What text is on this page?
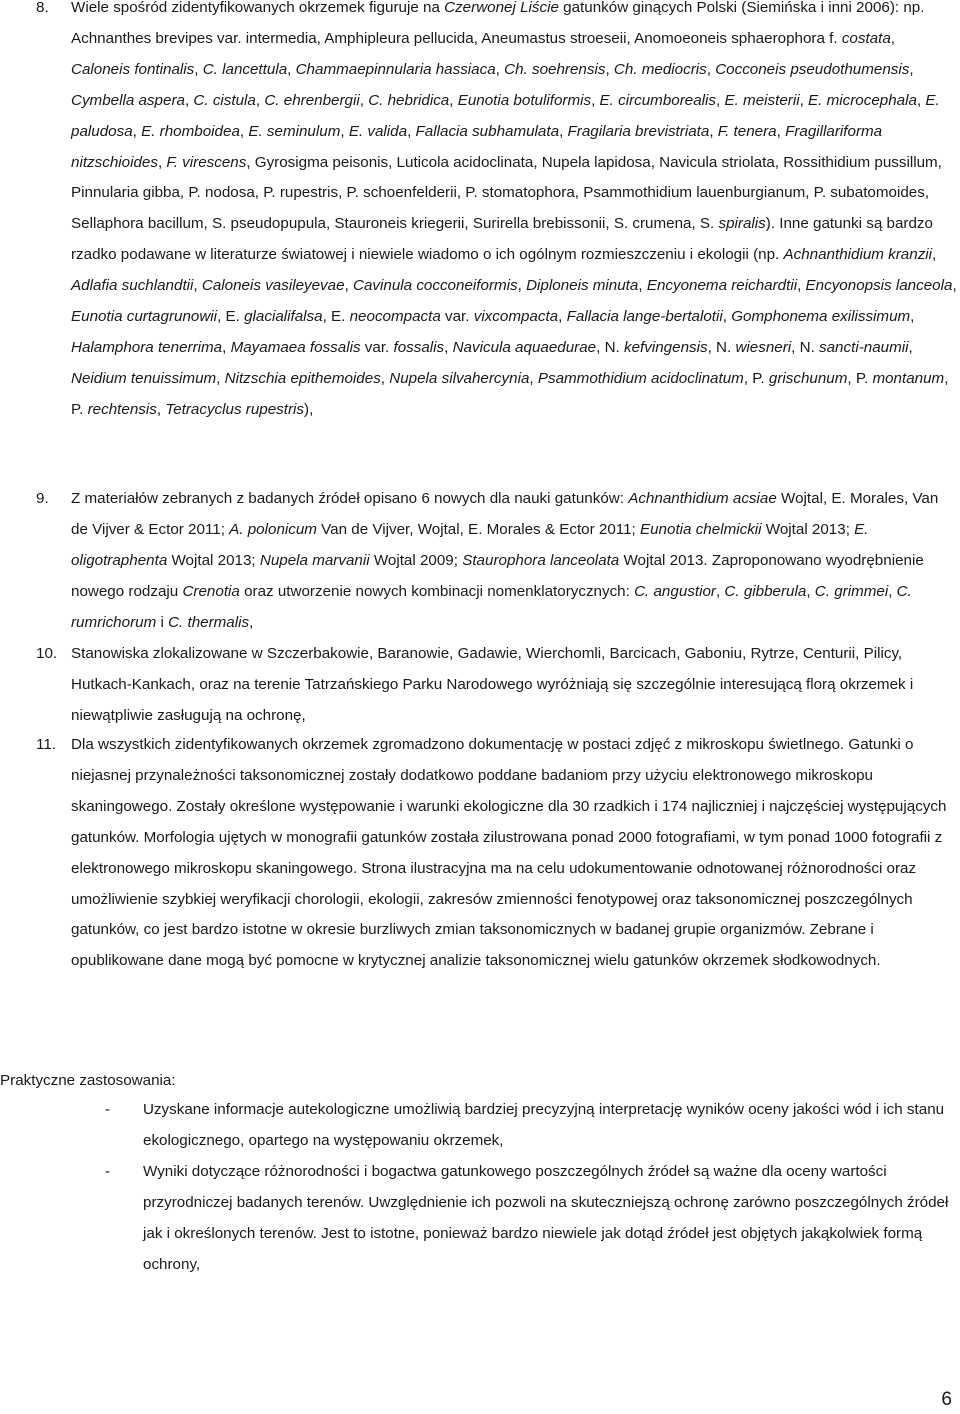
8. Wiele spośród zidentyfikowanych okrzemek figuruje na Czerwonej Liście gatunków ginących Polski (Siemińska i inni 2006): np. Achnanthes brevipes var. intermedia, Amphipleura pellucida, Aneumastus stroeseii, Anomoeoneis sphaerophora f. costata, Caloneis fontinalis, C. lancettula, Chammaepinnularia hassiaca, Ch. soehrensis, Ch. mediocris, Cocconeis pseudothumensis, Cymbella aspera, C. cistula, C. ehrenbergii, C. hebridica, Eunotia botuliformis, E. circumborealis, E. meisterii, E. microcephala, E. paludosa, E. rhomboidea, E. seminulum, E. valida, Fallacia subhamulata, Fragilaria brevistriata, F. tenera, Fragillariforma nitzschioides, F. virescens, Gyrosigma peisonis, Luticola acidoclinata, Nupela lapidosa, Navicula striolata, Rossithidium pussillum, Pinnularia gibba, P. nodosa, P. rupestris, P. schoenfelderii, P. stomatophora, Psammothidium lauenburgianum, P. subatomoides, Sellaphora bacillum, S. pseudopupula, Stauroneis kriegerii, Surirella brebissonii, S. crumena, S. spiralis). Inne gatunki są bardzo rzadko podawane w literaturze światowej i niewiele wiadomo o ich ogólnym rozmieszczeniu i ekologii (np. Achnanthidium kranzii, Adlafia suchlandtii, Caloneis vasileyevae, Cavinula cocconeiformis, Diploneis minuta, Encyonema reichardtii, Encyonopsis lanceola, Eunotia curtagrunowii, E. glacialifalsa, E. neocompacta var. vixcompacta, Fallacia lange-bertalotii, Gomphonema exilissimum, Halamphora tenerrima, Mayamaea fossalis var. fossalis, Navicula aquaedurae, N. kefvingensis, N. wiesneri, N. sancti-naumii, Neidium tenuissimum, Nitzschia epithemoides, Nupela silvahercynia, Psammothidium acidoclinatum, P. grischunum, P. montanum, P. rechtensis, Tetracyclus rupestris),
9. Z materiałów zebranych z badanych źródeł opisano 6 nowych dla nauki gatunków: Achnanthidium acsiae Wojtal, E. Morales, Van de Vijver & Ector 2011; A. polonicum Van de Vijver, Wojtal, E. Morales & Ector 2011; Eunotia chelmickii Wojtal 2013; E. oligotraphenta Wojtal 2013; Nupela marvanii Wojtal 2009; Staurophora lanceolata Wojtal 2013. Zaproponowano wyodrębnienie nowego rodzaju Crenotia oraz utworzenie nowych kombinacji nomenklatorycznych: C. angustior, C. gibberula, C. grimmei, C. rumrichorum i C. thermalis,
10. Stanowiska zlokalizowane w Szczerbakowie, Baranowie, Gadawie, Wierchomli, Barcicach, Gaboniu, Rytrze, Centurii, Pilicy, Hutkach-Kankach, oraz na terenie Tatrzańskiego Parku Narodowego wyróżniają się szczególnie interesującą florą okrzemek i niewątpliwie zasługują na ochronę,
11. Dla wszystkich zidentyfikowanych okrzemek zgromadzono dokumentację w postaci zdjęć z mikroskopu świetlnego. Gatunki o niejasnej przynależności taksonomicznej zostały dodatkowo poddane badaniom przy użyciu elektronowego mikroskopu skaningowego. Zostały określone występowanie i warunki ekologiczne dla 30 rzadkich i 174 najliczniej i najczęściej występujących gatunków. Morfologia ujętych w monografii gatunków została zilustrowana ponad 2000 fotografiami, w tym ponad 1000 fotografii z elektronowego mikroskopu skaningowego. Strona ilustracyjna ma na celu udokumentowanie odnotowanej różnorodności oraz umożliwienie szybkiej weryfikacji chorologii, ekologii, zakresów zmienności fenotypowej oraz taksonomicznej poszczególnych gatunków, co jest bardzo istotne w okresie burzliwych zmian taksonomicznych w badanej grupie organizmów. Zebrane i opublikowane dane mogą być pomocne w krytycznej analizie taksonomicznej wielu gatunków okrzemek słodkowodnych.
Praktyczne zastosowania:
- Uzyskane informacje autekologiczne umożliwią bardziej precyzyjną interpretację wyników oceny jakości wód i ich stanu ekologicznego, opartego na występowaniu okrzemek,
- Wyniki dotyczące różnorodności i bogactwa gatunkowego poszczególnych źródeł są ważne dla oceny wartości przyrodniczej badanych terenów. Uwzględnienie ich pozwoli na skuteczniejszą ochronę zarówno poszczególnych źródeł jak i określonych terenów. Jest to istotne, ponieważ bardzo niewiele jak dotąd źródeł jest objętych jakąkolwiek formą ochrony,
6
